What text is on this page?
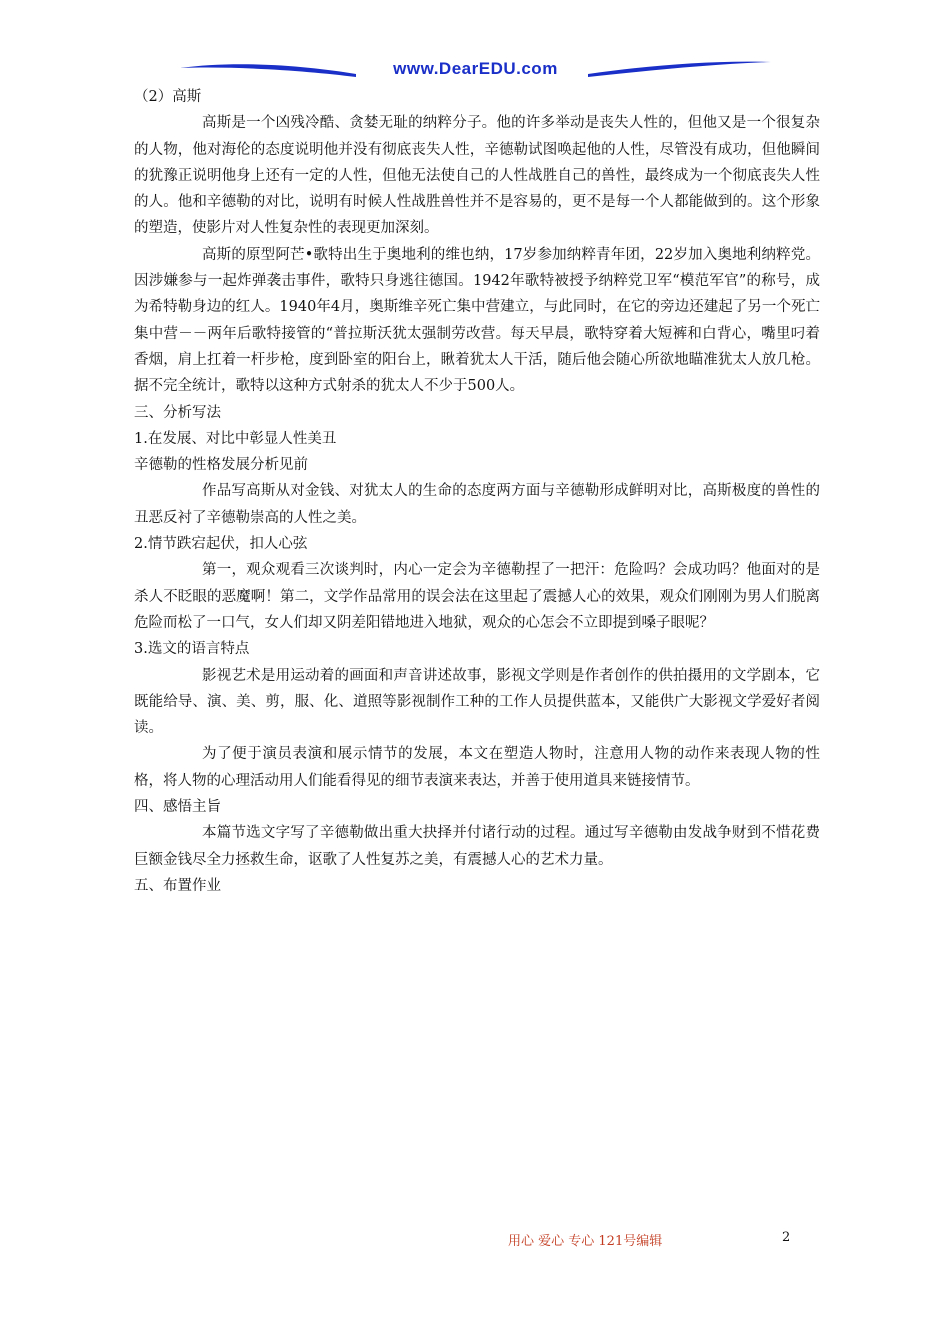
www.DearEDU.com

（2）高斯

高斯是一个凶残冷酷、贪婪无耻的纳粹分子。他的许多举动是丧失人性的，但他又是一个很复杂的人物，他对海伦的态度说明他并没有彻底丧失人性，辛德勒试图唤起他的人性，尽管没有成功，但他瞬间的犹豫正说明他身上还有一定的人性，但他无法使自己的人性战胜自己的兽性，最终成为一个彻底丧失人性的人。他和辛德勒的对比，说明有时候人性战胜兽性并不是容易的，更不是每一个人都能做到的。这个形象的塑造，使影片对人性复杂性的表现更加深刻。

高斯的原型阿芒•歌特出生于奥地利的维也纳，17岁参加纳粹青年团，22岁加入奥地利纳粹党。因涉嫌参与一起炸弹袭击事件，歌特只身逃往德国。1942年歌特被授予纳粹党卫军“模范军官”的称号，成为希特勒身边的红人。1940年4月，奥斯维辛死亡集中营建立，与此同时，在它的旁边还建起了另一个死亡集中营－－两年后歌特接管的“普拉斯沃犹太强制劳改营。每天早晨，歌特穿着大短裤和白背心，嘴里叼着香烟，肩上扛着一杆步枪，度到卧室的阳台上，瞅着犹太人干活，随后他会随心所欲地瞄准犹太人放几枪。据不完全统计，歌特以这种方式射杀的犹太人不少于500人。

三、分析写法

1.在发展、对比中彰显人性美丑

辛德勒的性格发展分析见前

作品写高斯从对金钱、对犹太人的生命的态度两方面与辛德勒形成鲜明对比，高斯极度的兽性的丑恶反衬了辛德勒崇高的人性之美。

2.情节跌宕起伏，扣人心弦

第一，观众观看三次谈判时，内心一定会为辛德勒捏了一把汗：危险吗？会成功吗？他面对的是杀人不眨眼的恶魔啊！第二，文学作品常用的误会法在这里起了震撼人心的效果，观众们刚刚为男人们脱离危险而松了一口气，女人们却又阴差阳错地进入地狱，观众的心怎会不立即提到嗓子眼呢？

3.选文的语言特点

影视艺术是用运动着的画面和声音讲述故事，影视文学则是作者创作的供拍摄用的文学剧本，它既能给导、演、美、剪，服、化、道照等影视制作工种的工作人员提供蓝本，又能供广大影视文学爱好者阅读。

为了便于演员表演和展示情节的发展，本文在塑造人物时，注意用人物的动作来表现人物的性格，将人物的心理活动用人们能看得见的细节表演来表达，并善于使用道具来链接情节。

四、感悟主旨

本篇节选文字写了辛德勒做出重大抉择并付诸行动的过程。通过写辛德勒由发战争财到不惜花费巨额金钱尽全力拯救生命，讴歌了人性复苏之美，有震撼人心的艺术力量。

五、布置作业

用心 爱心 专心 121号编辑	2
